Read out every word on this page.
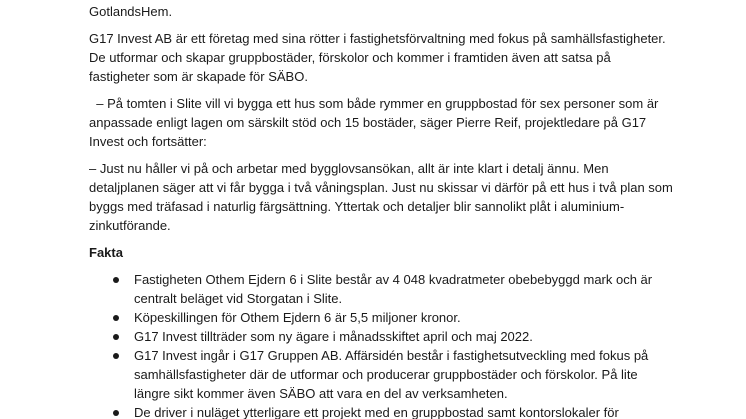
GotlandsHem.
G17 Invest AB är ett företag med sina rötter i fastighetsförvaltning med fokus på samhällsfastigheter.
De utformar och skapar gruppbostäder, förskolor och kommer i framtiden även att satsa på
fastigheter som är skapade för SÄBO.
– På tomten i Slite vill vi bygga ett hus som både rymmer en gruppbostad för sex personer som är
anpassade enligt lagen om särskilt stöd och 15 bostäder, säger Pierre Reif, projektledare på G17
Invest och fortsätter:
– Just nu håller vi på och arbetar med bygglovsansökan, allt är inte klart i detalj ännu. Men
detaljplanen säger att vi får bygga i två våningsplan. Just nu skissar vi därför på ett hus i två plan som
byggs med träfasad i naturlig färgsättning. Yttertak och detaljer blir sannolikt plåt i aluminium-
zinkutförande.
Fakta
Fastigheten Othem Ejdern 6 i Slite består av 4 048 kvadratmeter obebebyggd mark och är
centralt beläget vid Storgatan i Slite.
Köpeskillingen för Othem Ejdern 6 är 5,5 miljoner kronor.
G17 Invest tillträder som ny ägare i månadsskiftet april och maj 2022.
G17 Invest ingår i G17 Gruppen AB. Affärsidén består i fastighetsutveckling med fokus på
samhällsfastigheter där de utformar och producerar gruppbostäder och förskolor. På lite
längre sikt kommer även SÄBO att vara en del av verksamheten.
De driver i nuläget ytterligare ett projekt med en gruppbostad samt kontorslokaler för
